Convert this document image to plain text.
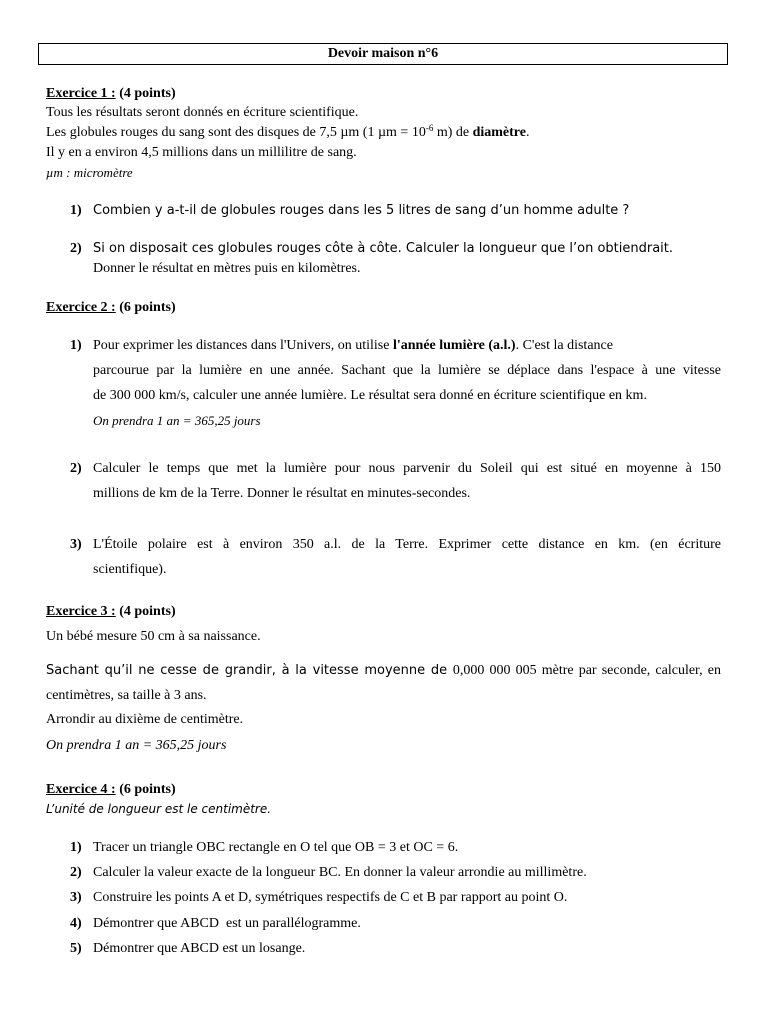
Devoir maison n°6
Exercice 1 : (4 points)
Tous les résultats seront donnés en écriture scientifique.
Les globules rouges du sang sont des disques de 7,5 µm (1 $\mu m = 10^{-6}$ m) de diamètre.
Il y en a environ 4,5 millions dans un millilitre de sang.
µm : micromètre
1) Combien y a-t-il de globules rouges dans les 5 litres de sang d’un homme adulte ?
2) Si on disposait ces globules rouges côte à côte. Calculer la longueur que l’on obtiendrait.
Donner le résultat en mètres puis en kilomètres.
Exercice 2 : (6 points)
1) Pour exprimer les distances dans l'Univers, on utilise l'année lumière (a.l.). C'est la distance
parcourue par la lumière en une année. Sachant que la lumière se déplace dans l'espace à une vitesse
de 300 000 km/s, calculer une année lumière. Le résultat sera donné en écriture scientifique en km.
On prendra 1 an = 365,25 jours
2) Calculer le temps que met la lumière pour nous parvenir du Soleil qui est situé en moyenne à 150
millions de km de la Terre. Donner le résultat en minutes-secondes.
3) L'Étoile polaire est à environ 350 a.l. de la Terre. Exprimer cette distance en km. (en écriture
scientifique).
Exercice 3 : (4 points)
Un bébé mesure 50 cm à sa naissance.
Sachant qu’il ne cesse de grandir, à la vitesse moyenne de 0,000 000 005 mètre par seconde, calculer, en
centimètres, sa taille à 3 ans.
Arrondir au dixième de centimètre.
On prendra 1 an = 365,25 jours
Exercice 4 : (6 points)
L’unité de longueur est le centimètre.
1) Tracer un triangle OBC rectangle en O tel que OB = 3 et OC = 6.
2) Calculer la valeur exacte de la longueur BC. En donner la valeur arrondie au millimètre.
3) Construire les points A et D, symétriques respectifs de C et B par rapport au point O.
4) Démontrer que ABCD  est un parallélogramme.
5) Démontrer que ABCD est un losange.
